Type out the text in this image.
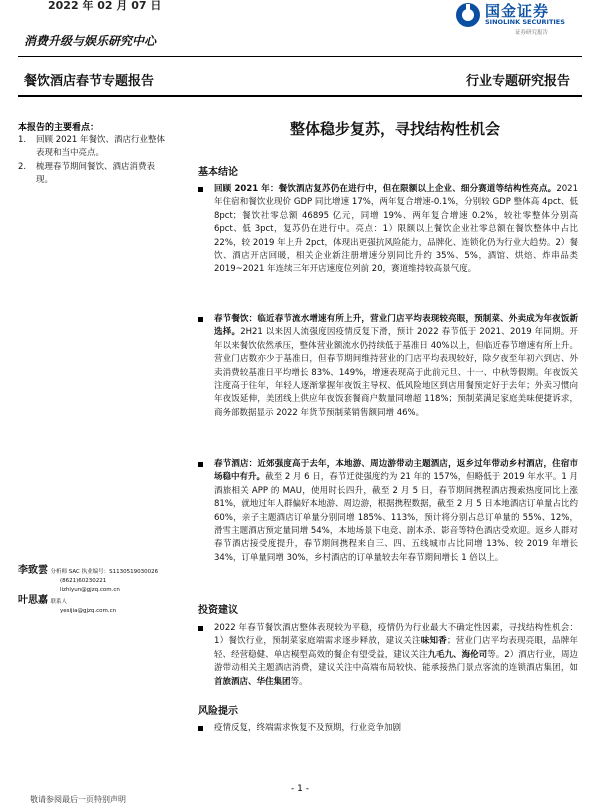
2022 年 02 月 07 日	国金证券
SINOLINK SECURITIES
证券研究报告
消费升级与娱乐研究中心
餐饮酒店春节专题报告	行业专题研究报告
本报告的主要看点：
1.	回顾 2021 年餐饮、酒店行业整体表现和当中亮点。
2.	梳理春节期间餐饮、酒店消费表现。
李致雲 分析师 SAC 执业编号：S1130519030026
(8621)60230221
lizhiyun@gjzq.com.cn
叶思嘉 联系人
yesijia@gjzq.com.cn
整体稳步复苏，寻找结构性机会
基本结论
回顾 2021 年：餐饮酒店复苏仍在进行中，但在限额以上企业、细分赛道等结构性亮点。2021 年住宿和餐饮业现价 GDP 同比增速 17%，两年复合增速-0.1%，分别较 GDP 整体高 4pct、低 8pct；餐饮社零总额 46895 亿元，同增 19%、两年复合增速 0.2%，较社零整体分别高 6pct、低 3pct，复苏仍在进行中。亮点：1）限额以上餐饮企业社零总额在餐饮整体中占比 22%，较 2019 年上升 2pct，体现出更强抗风险能力，品牌化、连锁化仍为行业大趋势。2）餐饮、酒店开店回暖，相关企业新注册增速分别同比升约 35%、5%，酒馆、烘焙、炸串品类 2019~2021 年连续三年开店速度位列前 20，赛道维持较高景气度。
春节餐饮：临近春节流水增速有所上升，营业门店平均表现较亮眼，预制菜、外卖成为年夜饭新选择。2H21 以来因人流强度因疫情反复下滑，预计 2022 春节低于 2021、2019 年同期。开年以来餐饮依然承压，整体营业额流水仍持续低于基准日 40%以上，但临近春节增速有所上升。营业门店数亦少于基准日，但春节期间维持营业的门店平均表现较好，除夕夜至年初六到店、外卖消费较基准日平均增长 83%、149%，增速表现高于此前元旦、十一、中秋等假期。年夜饭关注度高于往年，年轻人逐渐掌握年夜饭主导权、低风险地区到店用餐预定好于去年；外卖习惯向年夜饭延伸，美团线上供应年夜饭套餐商户数量同增超 118%；预制菜满足家庭美味便捷诉求，商务部数据显示 2022 年货节预制菜销售额同增 46%。
春节酒店：近郊强度高于去年，本地游、周边游带动主题酒店，返乡过年带动乡村酒店，住宿市场稳中有升。截至 2 月 6 日，春节迁徙强度约为 21 年的 157%，但略低于 2019 年水平。1 月酒旅相关 APP 的 MAU，使用时长四升，截至 2 月 5 日，春节期间携程酒店搜索热度同比上涨 81%，就地过年人群偏好本地游、周边游，根据携程数据，截至 2 月 5 日本地酒店订单量占比约 60%，亲子主题酒店订单量分别同增 185%、113%，预计将分别占总订单量的 55%、12%，滑雪主题酒店预定量同增 54%，本地场景下电竞、剧本杀、影音等特色酒店受欢迎。返乡人群对春节酒店接受度提升，春节期间携程来自三、四、五线城市占比同增 13%、较 2019 年增长 34%，订单量同增 30%，乡村酒店的订单量较去年春节期间增长 1 倍以上。
投资建议
2022 年春节餐饮酒店整体表现较为平稳，疫情仍为行业最大不确定性因素，寻找结构性机会：1）餐饮行业，预制菜家庭端需求逐步释放，建议关注味知香；营业门店平均表现亮眼，品牌年轻、经营稳健、单店模型高效的餐企有望受益，建议关注九毛九、海伦司等。2）酒店行业，周边游带动相关主题酒店消费，建议关注中高端布局较快、能承接热门景点客流的连锁酒店集团，如首旅酒店、华住集团等。
风险提示
疫情反复，终端需求恢复不及预期，行业竞争加剧
- 1 -
敬请参阅最后一页特别声明
